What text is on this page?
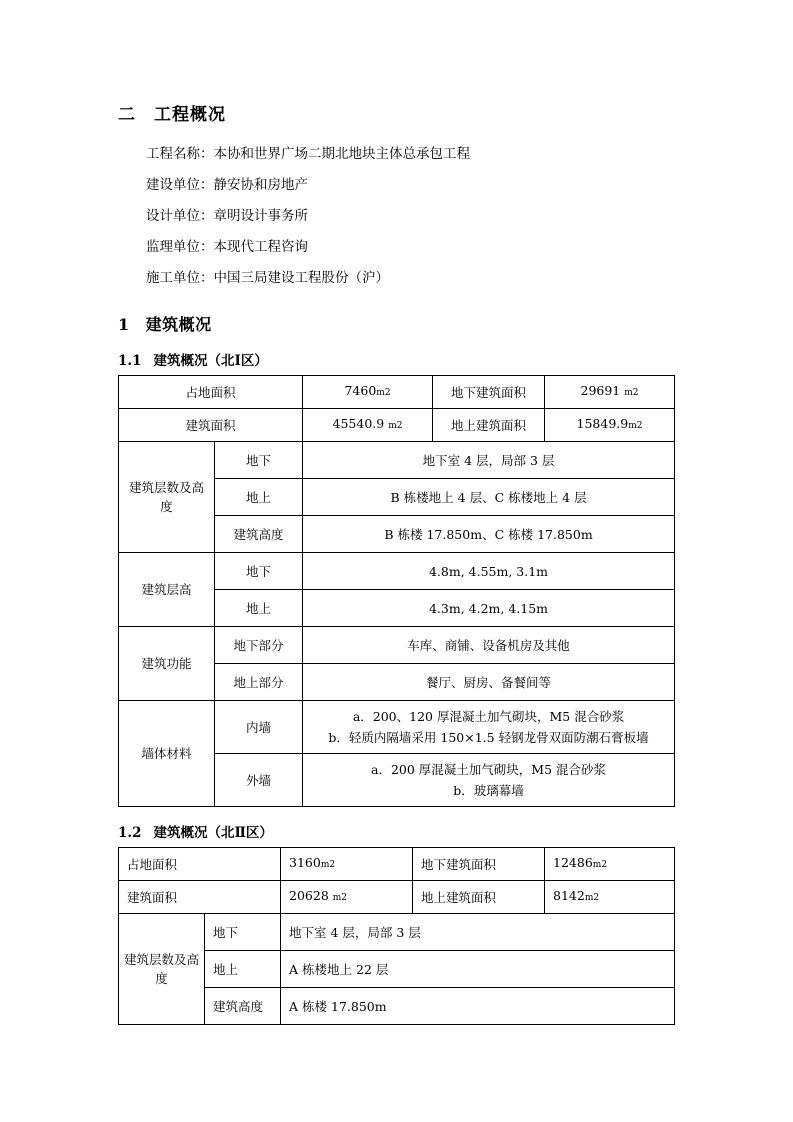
二 工程概况
工程名称：本协和世界广场二期北地块主体总承包工程
建设单位：静安协和房地产
设计单位：章明设计事务所
监理单位：本现代工程咨询
施工单位：中国三局建设工程股份（沪）
1 建筑概况
1.1 建筑概况（北Ⅰ区）
占地面积		7460m2	地下建筑面积	29691 m2
建筑面积		45540.9 m2	地上建筑面积	15849.9m2
建筑层数及高度	地下	地下室 4 层，局部 3 层		
	地上	B 栋楼地上 4 层、C 栋楼地上 4 层		
	建筑高度	B 栋楼 17.850m、C 栋楼 17.850m		
建筑层高	地下	4.8m, 4.55m, 3.1m		
	地上	4.3m, 4.2m, 4.15m		
建筑功能	地下部分	车库、商铺、设备机房及其他		
	地上部分	餐厅、厨房、备餐间等		
墙体材料	内墙	a．200、120 厚混凝土加气砌块，M5 混合砂浆
b．轻质内隔墙采用 150×1.5 轻钢龙骨双面防潮石膏板墙		

	外墙	a．200 厚混凝土加气砌块，M5 混合砂浆
b．玻璃幕墙		
1.2 建筑概况（北Ⅱ区）
占地面积		3160m2	地下建筑面积	12486m2
建筑面积		20628 m2	地上建筑面积	8142m2
建筑层数及高度	地下	地下室 4 层，局部 3 层		
	地上	A 栋楼地上 22 层		
	建筑高度	A 栋楼 17.850m		
